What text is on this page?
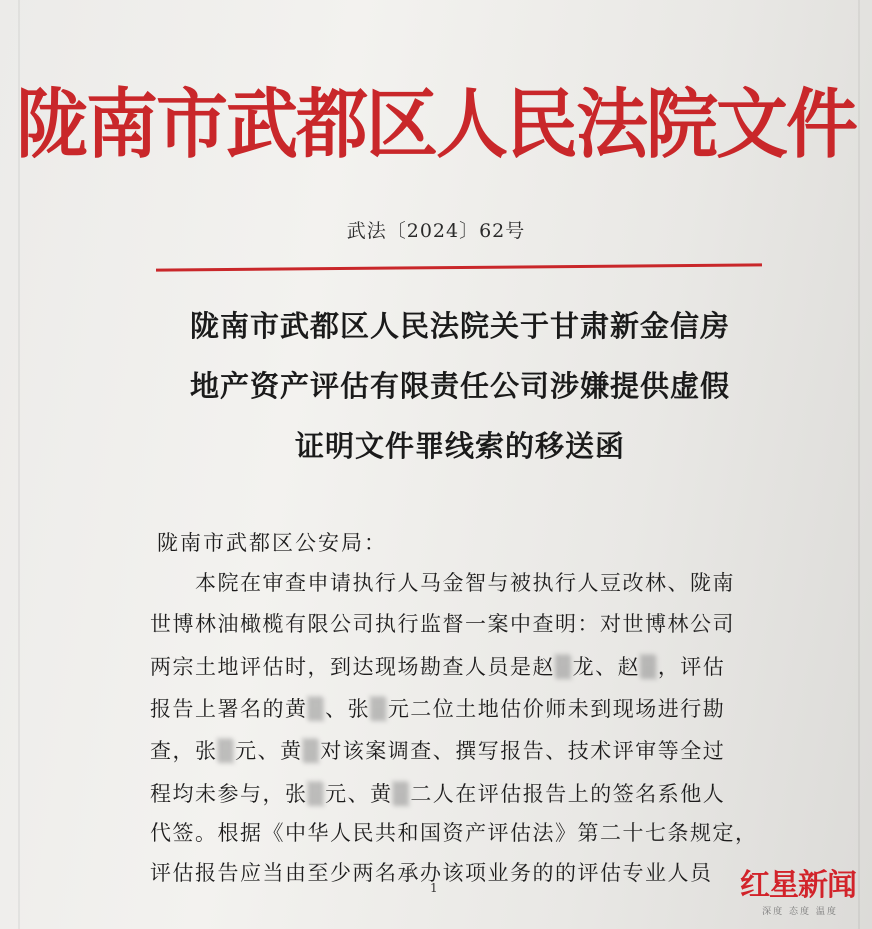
陇南市武都区人民法院文件
武法〔2024〕62号
陇南市武都区人民法院关于甘肃新金信房
地产资产评估有限责任公司涉嫌提供虚假
证明文件罪线索的移送函
陇南市武都区公安局：
　　本院在审查申请执行人马金智与被执行人豆改林、陇南
世博林油橄榄有限公司执行监督一案中查明：对世博林公司
两宗土地评估时，到达现场勘查人员是赵▒龙、赵▒，评估
报告上署名的黄▒、张▒元二位土地估价师未到现场进行勘
查，张▒元、黄▒对该案调查、撰写报告、技术评审等全过
程均未参与，张▒元、黄▒二人在评估报告上的签名系他人
代签。根据《中华人民共和国资产评估法》第二十七条规定，
评估报告应当由至少两名承办该项业务的的评估专业人员
1	红星新闻
深度 态度 温度
